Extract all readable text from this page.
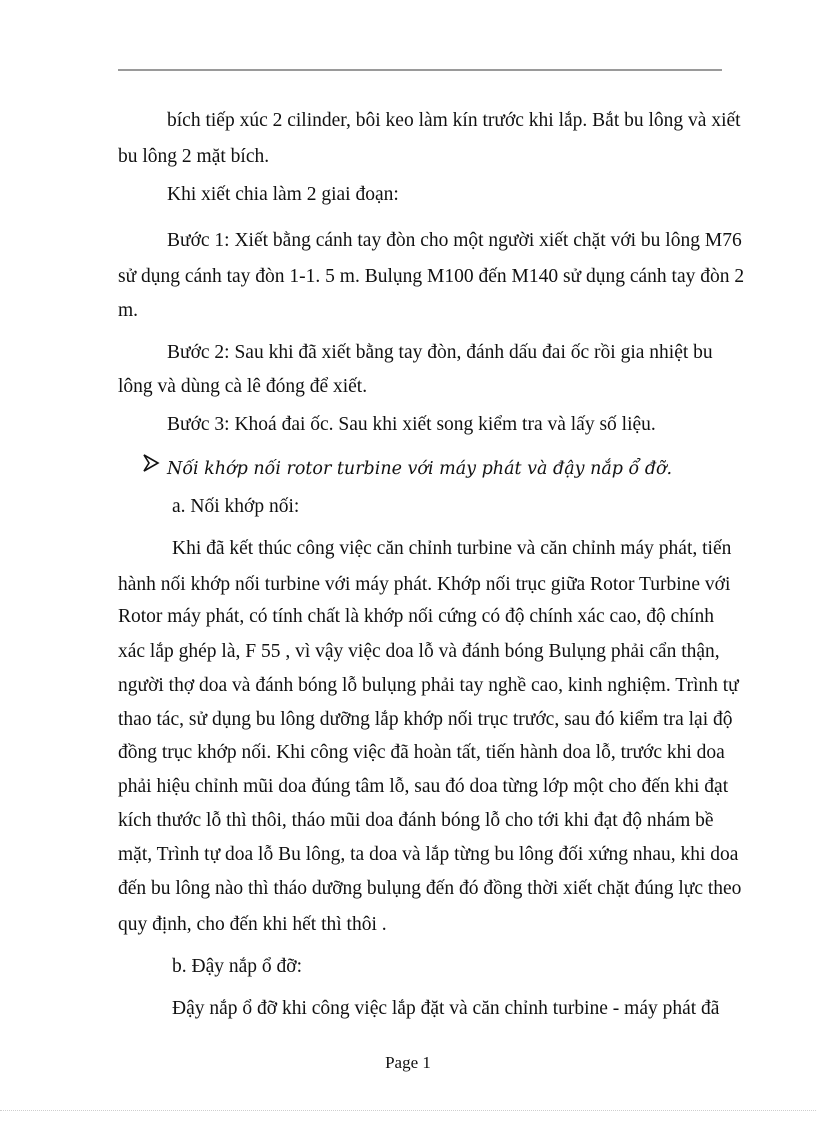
bích tiếp xúc 2 cilinder, bôi keo làm kín trước khi lắp. Bắt bu lông và xiết

bu lông 2 mặt bích.

Khi xiết chia làm 2 giai đoạn:

Bước 1: Xiết bằng cánh tay đòn cho một người xiết chặt với bu lông M76

sử dụng cánh tay đòn 1-1. 5 m. Bulụng M100 đến M140 sử dụng cánh tay đòn 2

m.

Bước 2: Sau khi đã xiết bằng tay đòn, đánh dấu đai ốc rồi gia nhiệt bu

lông và dùng cà lê đóng để xiết.

Bước 3: Khoá đai ốc. Sau khi xiết song kiểm tra và lấy số liệu.

Nối khớp nối rotor turbine với máy phát và đậy nắp ổ đỡ.

a. Nối khớp nối:

Khi đã kết thúc công việc căn chỉnh turbine và căn chỉnh máy phát, tiến

hành nối khớp nối turbine với máy phát. Khớp nối trục giữa Rotor Turbine với

Rotor máy phát, có tính chất là khớp nối cứng có độ chính xác cao, độ chính

xác lắp ghép là, F 55 , vì vậy việc doa lỗ và đánh bóng Bulụng phải cẩn thận,

người thợ doa và đánh bóng lỗ bulụng phải tay nghề cao, kinh nghiệm. Trình tự

thao tác, sử dụng bu lông dưỡng lắp khớp nối trục trước, sau đó kiểm tra lại độ

đồng trục khớp nối. Khi công việc đã hoàn tất, tiến hành doa lỗ, trước khi doa

phải hiệu chỉnh mũi doa đúng tâm lỗ, sau đó doa từng lớp một cho đến khi đạt

kích thước lỗ thì thôi, tháo mũi doa đánh bóng lỗ cho tới khi đạt độ nhám bề

mặt, Trình tự doa lỗ Bu lông, ta doa và lắp từng bu lông đối xứng nhau, khi doa

đến bu lông nào thì tháo dưỡng bulụng đến đó đồng thời xiết chặt đúng lực theo

quy định, cho đến khi hết thì thôi .

b. Đậy nắp ổ đỡ:

Đậy nắp ổ đỡ khi công việc lắp đặt và căn chỉnh turbine - máy phát đã

Page 1
